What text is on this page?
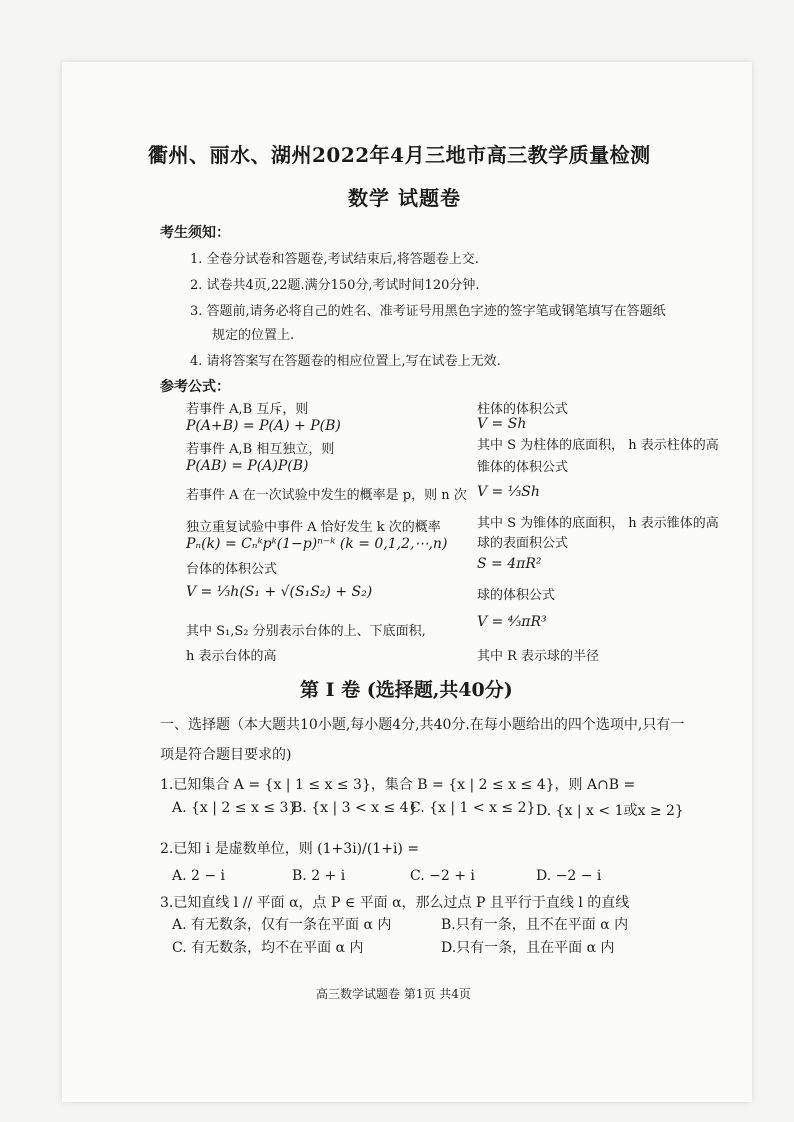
衢州、丽水、湖州2022年4月三地市高三教学质量检测
数学 试题卷
考生须知：
1. 全卷分试卷和答题卷,考试结束后,将答题卷上交.
2. 试卷共4页,22题.满分150分,考试时间120分钟.
3. 答题前,请务必将自己的姓名、准考证号用黑色字迹的签字笔或钢笔填写在答题纸
规定的位置上.
4. 请将答案写在答题卷的相应位置上,写在试卷上无效.
参考公式：
若事件 A,B 互斥，则
P(A+B) = P(A) + P(B)
若事件 A,B 相互独立，则
P(AB) = P(A)P(B)
若事件 A 在一次试验中发生的概率是 p，则 n 次
独立重复试验中事件 A 恰好发生 k 次的概率
Pₙ(k) = Cₙᵏpᵏ(1−p)ⁿ⁻ᵏ (k = 0,1,2,⋯,n)
台体的体积公式
V = ⅓h(S₁ + √(S₁S₂) + S₂)
其中 S₁,S₂ 分别表示台体的上、下底面积,
h 表示台体的高
柱体的体积公式
V = Sh
其中 S 为柱体的底面积， h 表示柱体的高
锥体的体积公式
V = ⅓Sh
其中 S 为锥体的底面积， h 表示锥体的高
球的表面积公式
S = 4πR²
球的体积公式
V = ⁴⁄₃πR³
其中 R 表示球的半径
第 Ⅰ 卷 (选择题,共40分)
一、选择题（本大题共10小题,每小题4分,共40分.在每小题给出的四个选项中,只有一
项是符合题目要求的)
1.已知集合 A = {x | 1 ≤ x ≤ 3}，集合 B = {x | 2 ≤ x ≤ 4}，则 A∩B =
A. {x | 2 ≤ x ≤ 3}
B. {x | 3 < x ≤ 4}
C. {x | 1 < x ≤ 2} D. {x | x < 1或x ≥ 2}
2.已知 i 是虚数单位，则 (1+3i)/(1+i) =
A. 2 − i	B. 2 + i	C. −2 + i	D. −2 − i
3.已知直线 l // 平面 α，点 P ∈ 平面 α，那么过点 P 且平行于直线 l 的直线
A. 有无数条，仅有一条在平面 α 内	B.只有一条，且不在平面 α 内
C. 有无数条，均不在平面 α 内	D.只有一条，且在平面 α 内
高三数学试题卷 第1页 共4页
